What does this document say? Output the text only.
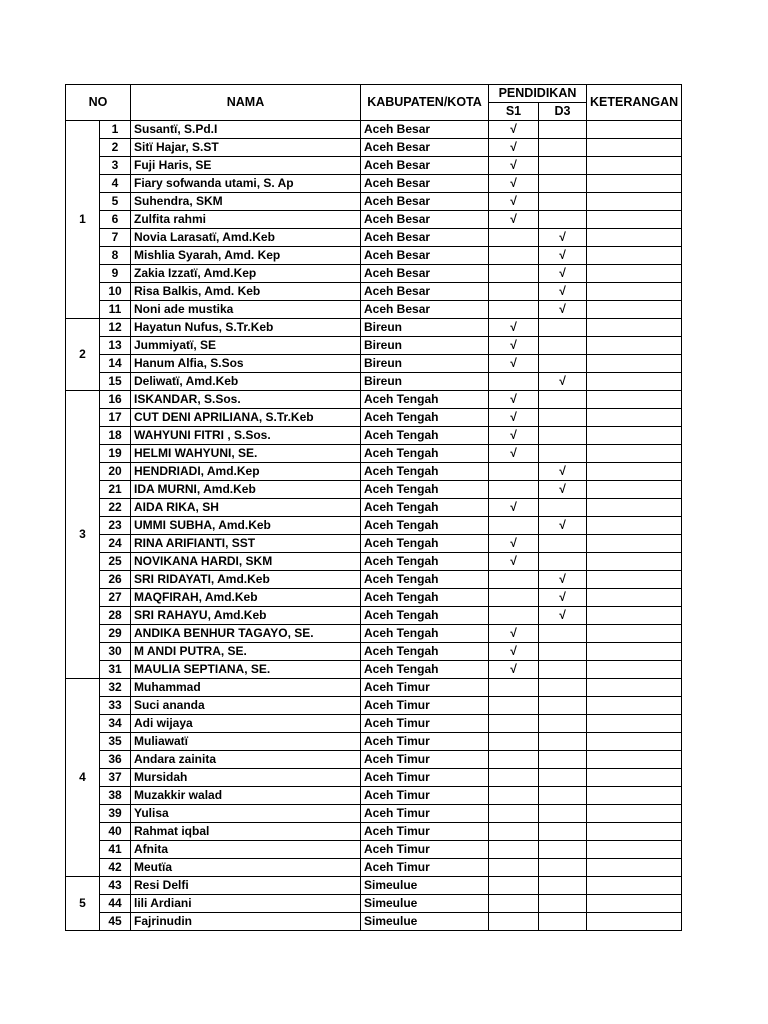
NO		NAMA	KABUPATEN/KOTA	PENDIDIKAN		KETERANGAN
				S1	D3	
1	1	Susantï, S.Pd.I	Aceh Besar	√		
	2	Sitï Hajar, S.ST	Aceh Besar	√		
	3	Fuji Haris, SE	Aceh Besar	√		
	4	Fiary sofwanda utami, S. Ap	Aceh Besar	√		
	5	Suhendra, SKM	Aceh Besar	√		
	6	Zulfita rahmi	Aceh Besar	√		
	7	Novia Larasatï, Amd.Keb	Aceh Besar		√	
	8	Mishlia Syarah, Amd. Kep	Aceh Besar		√	
	9	Zakia Izzatï, Amd.Kep	Aceh Besar		√	
	10	Risa Balkis, Amd. Keb	Aceh Besar		√	
	11	Noni ade mustika	Aceh Besar		√	
2	12	Hayatun Nufus, S.Tr.Keb	Bireun	√		
	13	Jummiyatï, SE	Bireun	√		
	14	Hanum Alfia, S.Sos	Bireun	√		
	15	Deliwatï, Amd.Keb	Bireun		√	
3	16	ISKANDAR, S.Sos.	Aceh Tengah	√		
	17	CUT DENI APRILIANA, S.Tr.Keb	Aceh Tengah	√		
	18	WAHYUNI FITRI , S.Sos.	Aceh Tengah	√		
	19	HELMI WAHYUNI, SE.	Aceh Tengah	√		
	20	HENDRIADI, Amd.Kep	Aceh Tengah		√	
	21	IDA MURNI, Amd.Keb	Aceh Tengah		√	
	22	AIDA RIKA, SH	Aceh Tengah	√		
	23	UMMI SUBHA, Amd.Keb	Aceh Tengah		√	
	24	RINA ARIFIANTI, SST	Aceh Tengah	√		
	25	NOVIKANA HARDI, SKM	Aceh Tengah	√		
	26	SRI RIDAYATI, Amd.Keb	Aceh Tengah		√	
	27	MAQFIRAH, Amd.Keb	Aceh Tengah		√	
	28	SRI RAHAYU, Amd.Keb	Aceh Tengah		√	
	29	ANDIKA BENHUR TAGAYO, SE.	Aceh Tengah	√		
	30	M ANDI PUTRA, SE.	Aceh Tengah	√		
	31	MAULIA SEPTIANA, SE.	Aceh Tengah	√		
4	32	Muhammad	Aceh Timur			
	33	Suci ananda	Aceh Timur			
	34	Adi wijaya	Aceh Timur			
	35	Muliawatï	Aceh Timur			
	36	Andara zainita	Aceh Timur			
	37	Mursidah	Aceh Timur			
	38	Muzakkir walad	Aceh Timur			
	39	Yulisa	Aceh Timur			
	40	Rahmat iqbal	Aceh Timur			
	41	Afnita	Aceh Timur			
	42	Meutïa	Aceh Timur			
5	43	Resi Delfi	Simeulue			
	44	lili Ardiani	Simeulue			
	45	Fajrinudin	Simeulue			
